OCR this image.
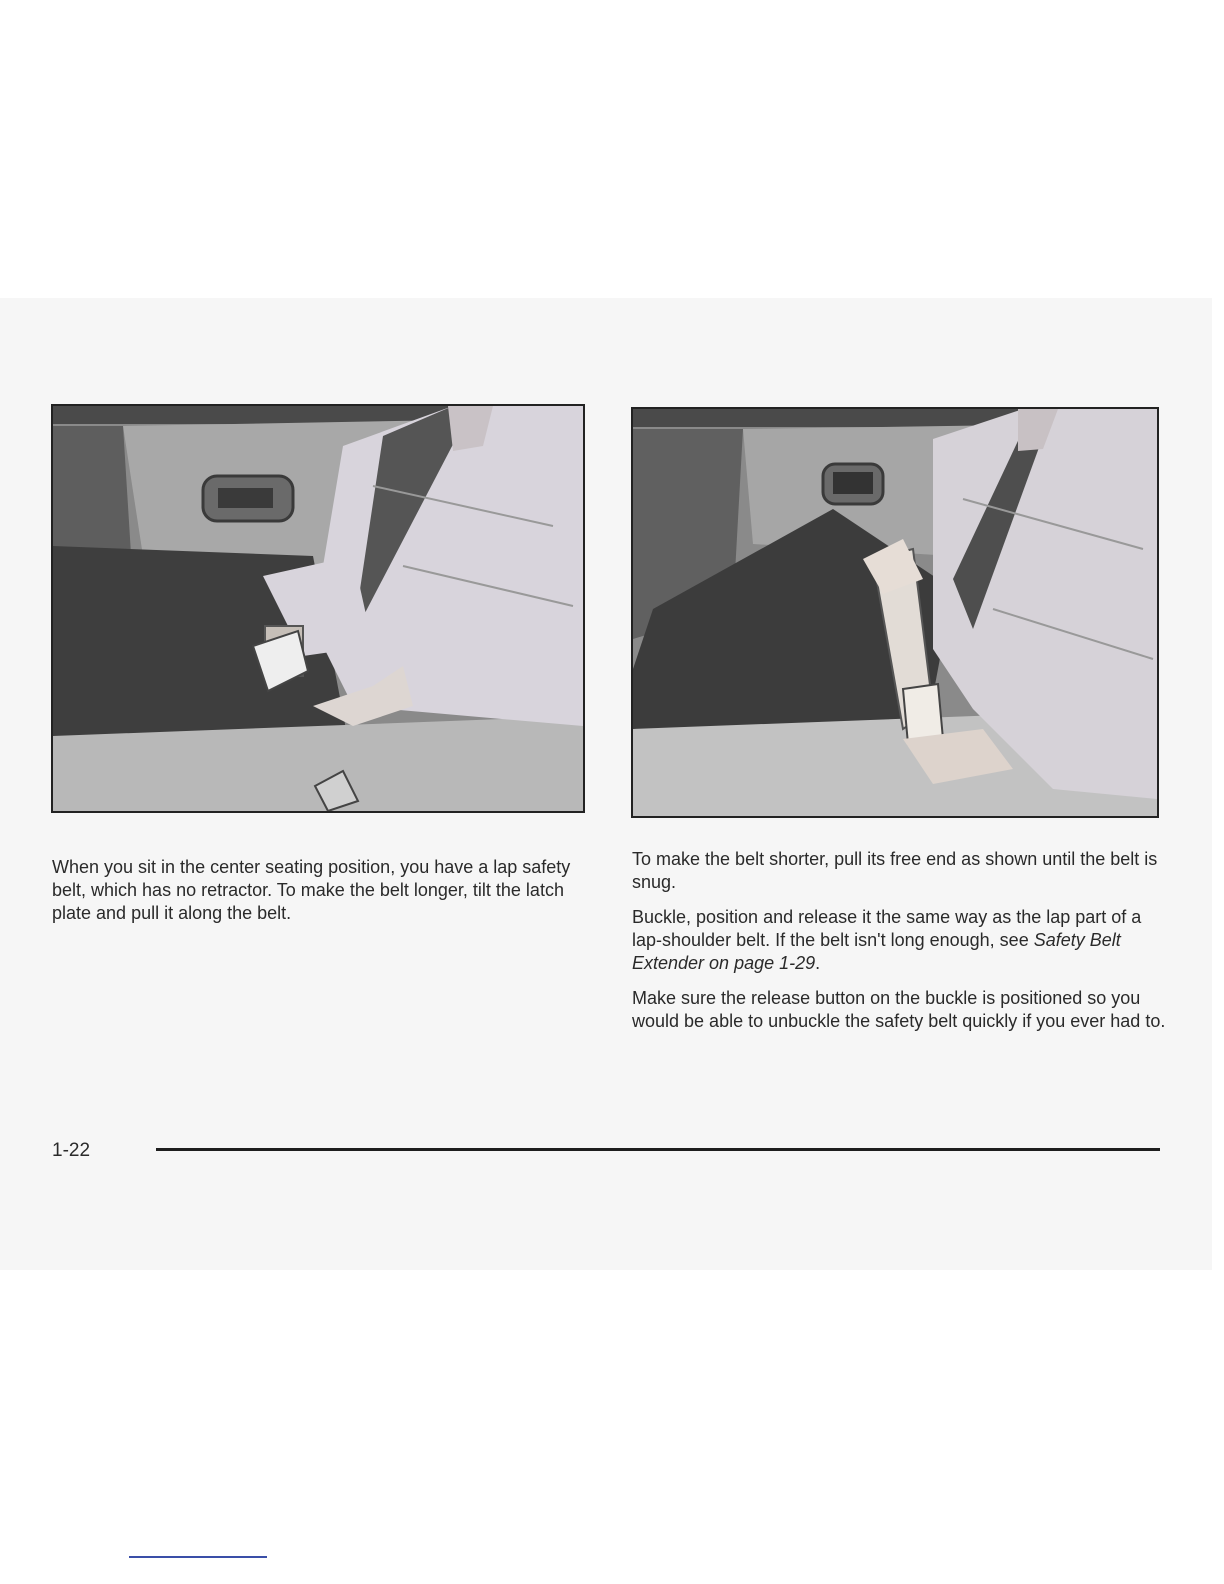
When you sit in the center seating position, you have a lap safety belt, which has no retractor. To make the belt longer, tilt the latch plate and pull it along the belt.

To make the belt shorter, pull its free end as shown until the belt is snug.

Buckle, position and release it the same way as the lap part of a lap-shoulder belt. If the belt isn't long enough, see Safety Belt Extender on page 1-29.

Make sure the release button on the buckle is positioned so you would be able to unbuckle the safety belt quickly if you ever had to.

1-22
